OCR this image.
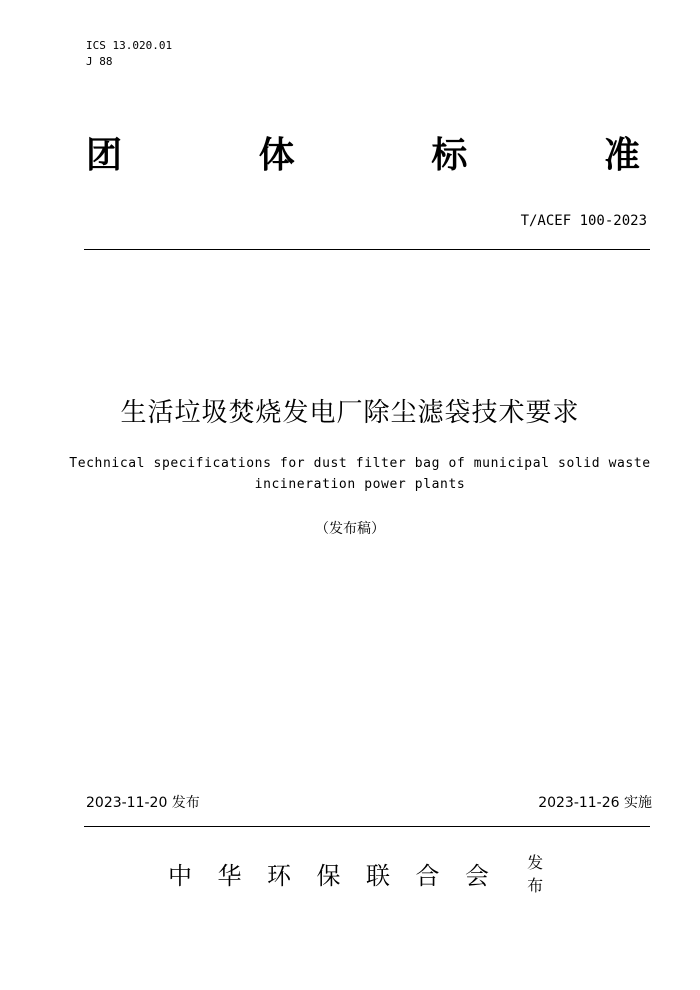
ICS 13.020.01
J 88
团	体	标	准
T/ACEF 100-2023
生活垃圾焚烧发电厂除尘滤袋技术要求
Technical specifications for dust filter bag of municipal solid waste incineration power plants
（发布稿）
2023-11-20 发布	2023-11-26 实施
中 华 环 保 联 合 会 发布
